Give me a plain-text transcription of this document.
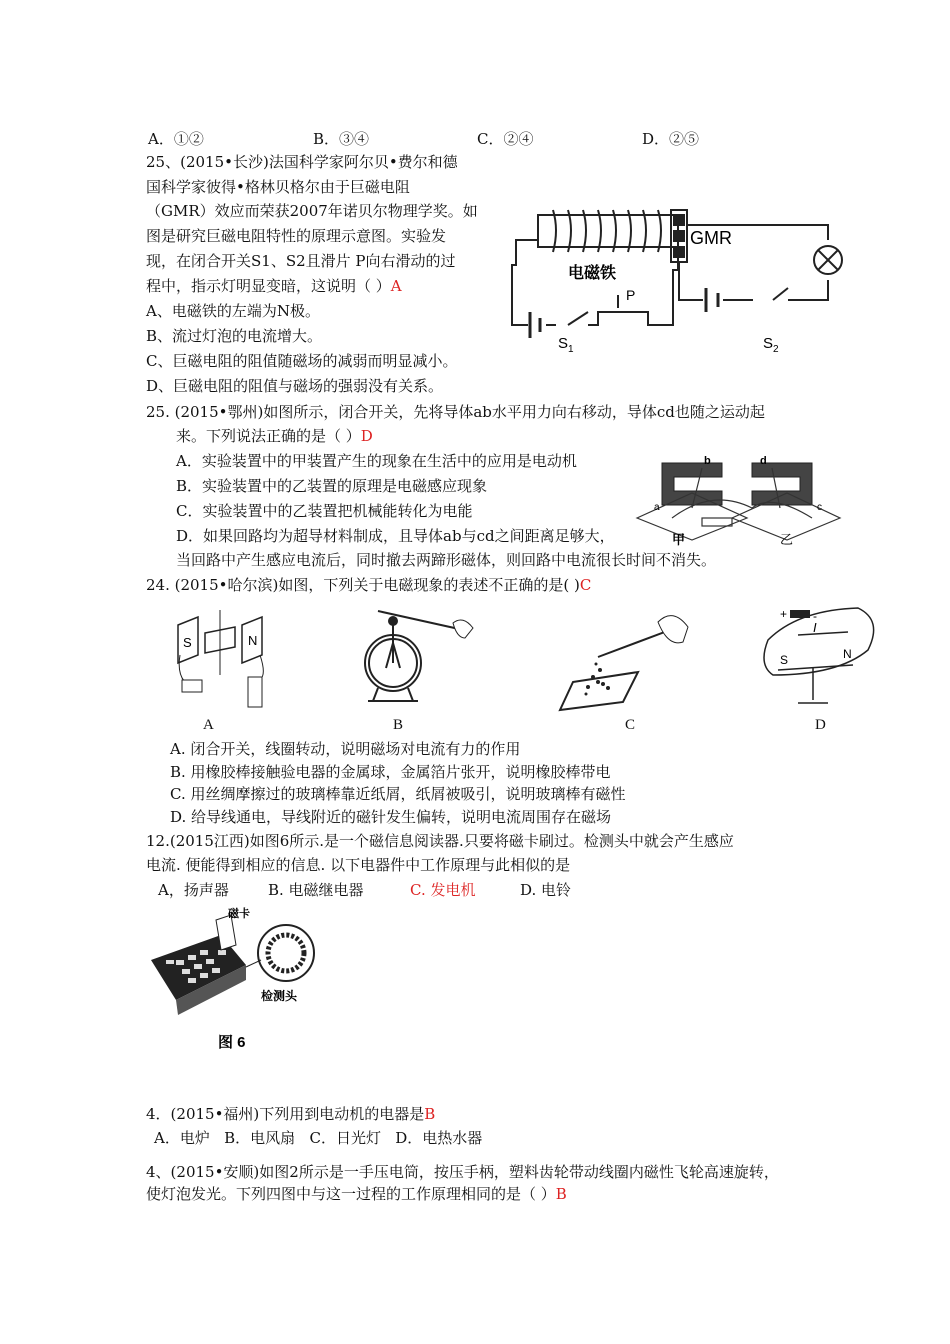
A．①②	B．③④	C．②④	D．②⑤
25、(2015•长沙)法国科学家阿尔贝•费尔和德
国科学家彼得•格林贝格尔由于巨磁电阻
（GMR）效应而荣获2007年诺贝尔物理学奖。如
图是研究巨磁电阻特性的原理示意图。实验发
现，在闭合开关S1、S2且滑片 P向右滑动的过
程中，指示灯明显变暗，这说明（ ）A
A、电磁铁的左端为N极。
B、流过灯泡的电流增大。
C、巨磁电阻的阻值随磁场的减弱而明显减小。
D、巨磁电阻的阻值与磁场的强弱没有关系。
GMR
电磁铁
P
$S_1$	$S_2$
25. (2015•鄂州)如图所示，闭合开关，先将导体ab水平用力向右移动，导体cd也随之运动起
来。下列说法正确的是（ ）D
A．实验装置中的甲装置产生的现象在生活中的应用是电动机
B．实验装置中的乙装置的原理是电磁感应现象
C．实验装置中的乙装置把机械能转化为电能
D．如果回路均为超导材料制成，且导体ab与cd之间距离足够大，
当回路中产生感应电流后，同时撤去两蹄形磁体，则回路中电流很长时间不消失。
b	d
a	c
甲	乙
24. (2015•哈尔滨)如图，下列关于电磁现象的表述不正确的是( )C
S	N
A	B	C
+ -
I
S	N
D
A. 闭合开关，线圈转动，说明磁场对电流有力的作用
B. 用橡胶棒接触验电器的金属球，金属箔片张开，说明橡胶棒带电
C. 用丝绸摩擦过的玻璃棒靠近纸屑，纸屑被吸引，说明玻璃棒有磁性
D. 给导线通电，导线附近的磁针发生偏转，说明电流周围存在磁场
12.(2015江西)如图6所示.是一个磁信息阅读器.只要将磁卡刷过。检测头中就会产生感应
电流. 便能得到相应的信息. 以下电器件中工作原理与此相似的是
A，扬声器	B. 电磁继电器	C. 发电机	D. 电铃
磁卡
检测头
图 6
4．(2015•福州)下列用到电动机的电器是B
A．电炉   B．电风扇   C．日光灯   D．电热水器
4、(2015•安顺)如图2所示是一手压电筒，按压手柄，塑料齿轮带动线圈内磁性飞轮高速旋转，
使灯泡发光。下列四图中与这一过程的工作原理相同的是（ ）B
